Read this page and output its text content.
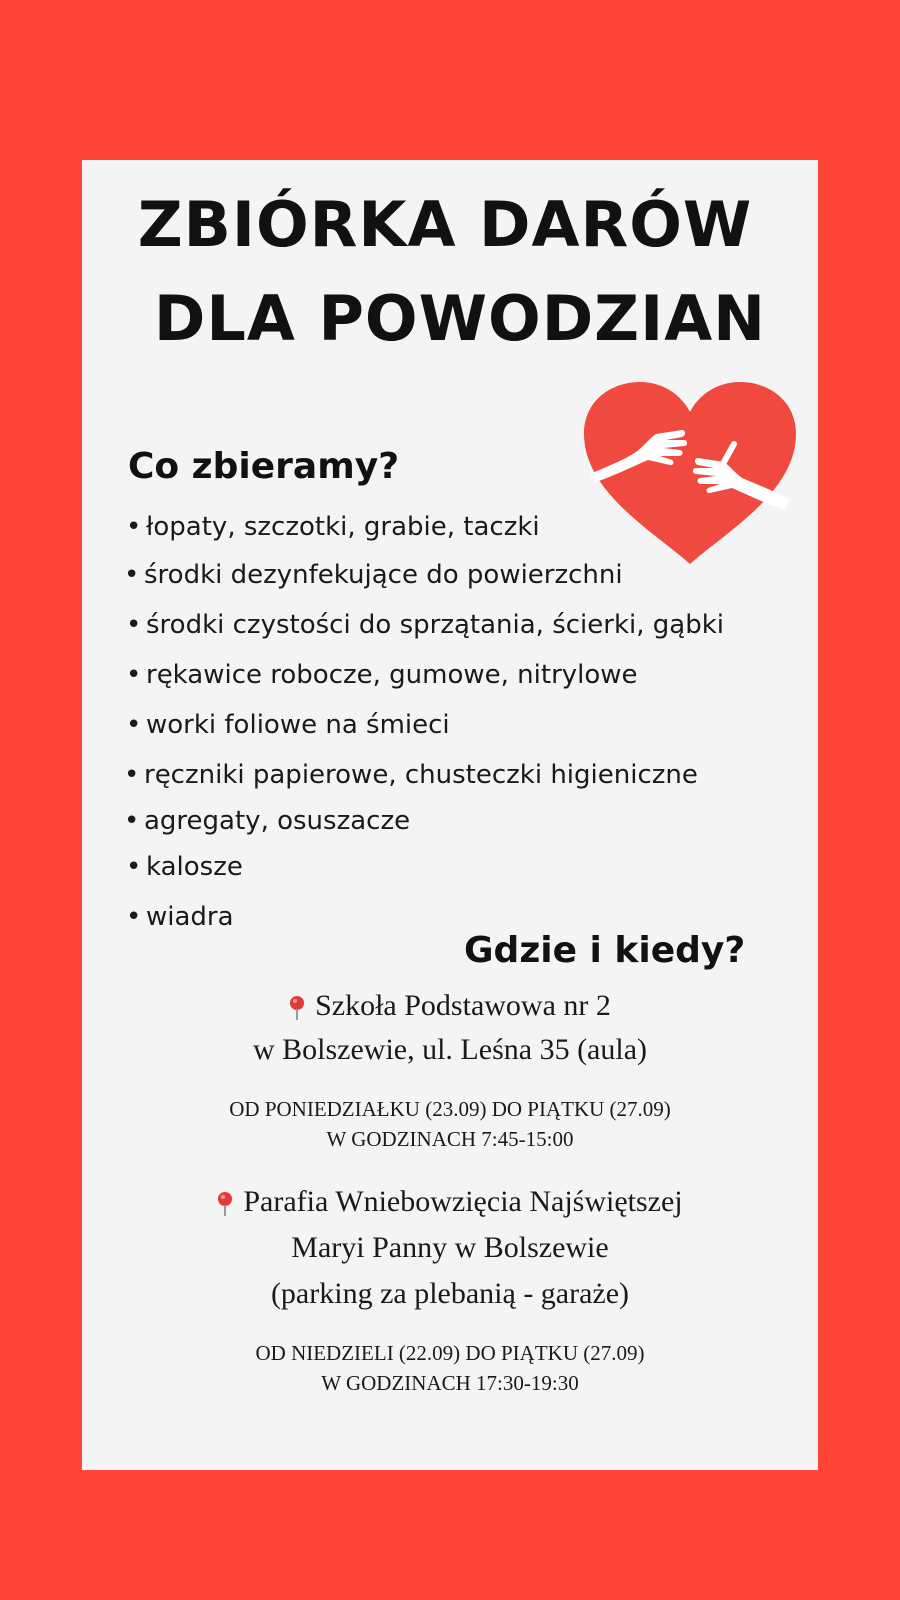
ZBIÓRKA DARÓW
DLA POWODZIAN
Co zbieramy?
• łopaty, szczotki, grabie, taczki
• środki dezynfekujące do powierzchni
• środki czystości do sprzątania, ścierki, gąbki
• rękawice robocze, gumowe, nitrylowe
• worki foliowe na śmieci
• ręczniki papierowe, chusteczki higieniczne
• agregaty, osuszacze
• kalosze
• wiadra
Gdzie i kiedy?
Szkoła Podstawowa nr 2
w Bolszewie, ul. Leśna 35 (aula)
OD PONIEDZIAŁKU (23.09) DO PIĄTKU (27.09)
W GODZINACH 7:45-15:00
Parafia Wniebowzięcia Najświętszej
Maryi Panny w Bolszewie
(parking za plebanią - garaże)
OD NIEDZIELI (22.09) DO PIĄTKU (27.09)
W GODZINACH 17:30-19:30
